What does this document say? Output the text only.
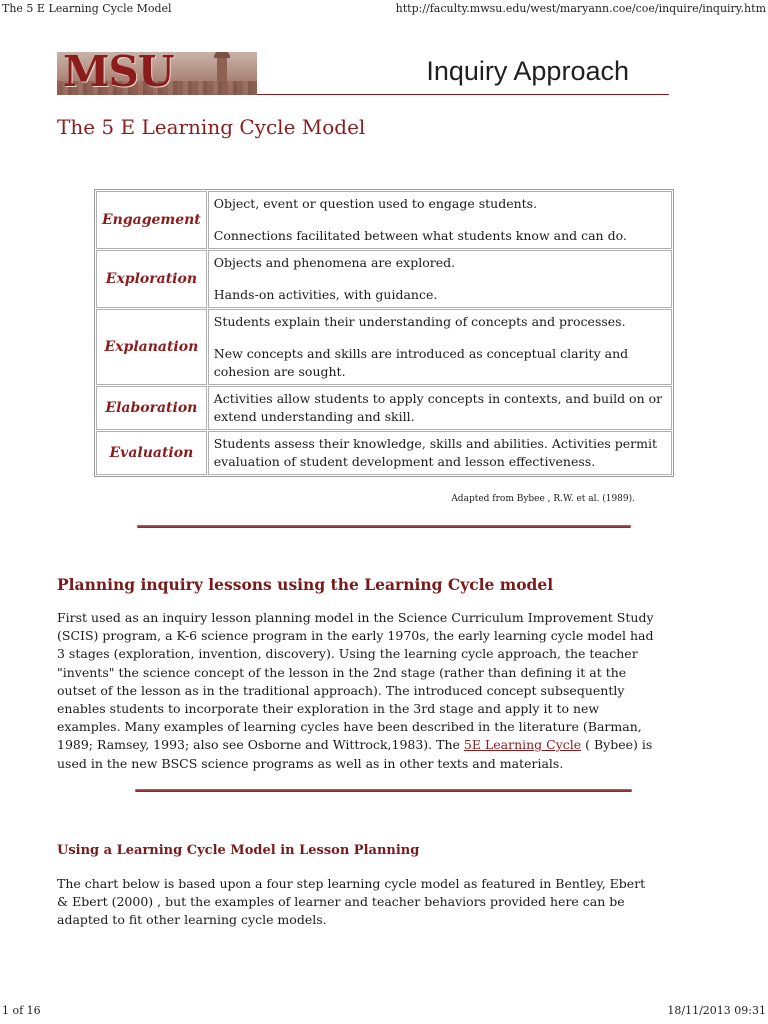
The 5 E Learning Cycle Model	http://faculty.mwsu.edu/west/maryann.coe/coe/inquire/inquiry.htm
MSU	Inquiry Approach
The 5 E Learning Cycle Model
Engagement	Object, event or question used to engage students.

Connections facilitated between what students know and can do.

Exploration	Objects and phenomena are explored.

Hands-on activities, with guidance.

Explanation	Students explain their understanding of concepts and processes.

New concepts and skills are introduced as conceptual clarity and cohesion are sought.

Elaboration	Activities allow students to apply concepts in contexts, and build on or extend understanding and skill.

Evaluation	Students assess their knowledge, skills and abilities. Activities permit evaluation of student development and lesson effectiveness.

Adapted from Bybee , R.W. et al. (1989).
Planning inquiry lessons using the Learning Cycle model

First used as an inquiry lesson planning model in the Science Curriculum Improvement Study (SCIS) program, a K-6 science program in the early 1970s, the early learning cycle model had 3 stages (exploration, invention, discovery). Using the learning cycle approach, the teacher "invents" the science concept of the lesson in the 2nd stage (rather than defining it at the outset of the lesson as in the traditional approach). The introduced concept subsequently enables students to incorporate their exploration in the 3rd stage and apply it to new examples. Many examples of learning cycles have been described in the literature (Barman, 1989; Ramsey, 1993; also see Osborne and Wittrock,1983). The 5E Learning Cycle ( Bybee) is used in the new BSCS science programs as well as in other texts and materials.

Using a Learning Cycle Model in Lesson Planning

The chart below is based upon a four step learning cycle model as featured in Bentley, Ebert & Ebert (2000) , but the examples of learner and teacher behaviors provided here can be adapted to fit other learning cycle models.

1 of 16	18/11/2013 09:31
